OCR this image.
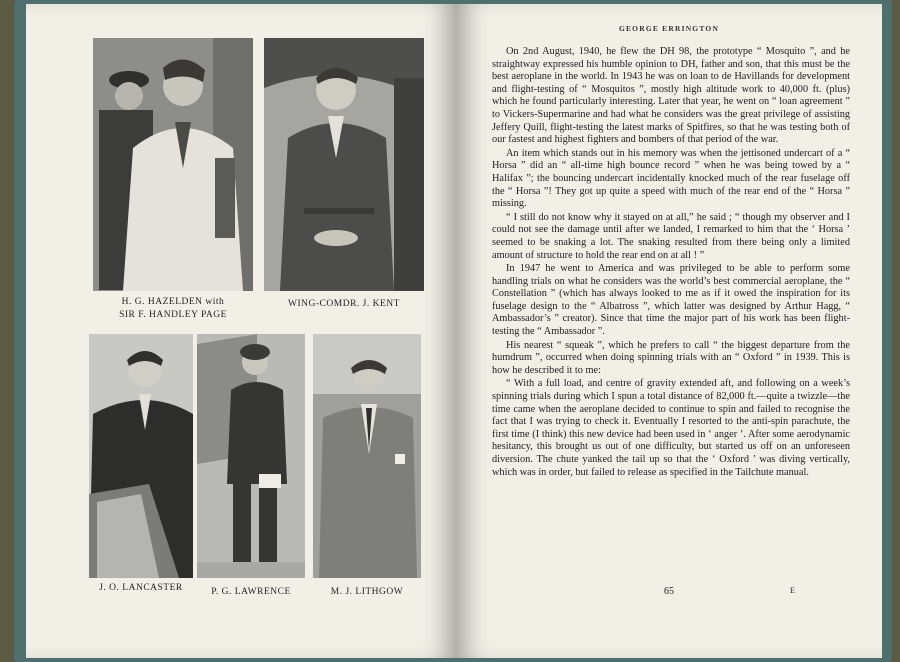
H. G. HAZELDEN with
SIR F. HANDLEY PAGE
WING-COMDR. J. KENT
J. O. LANCASTER	P. G. LAWRENCE	M. J. LITHGOW
GEORGE ERRINGTON

On 2nd August, 1940, he flew the DH 98, the prototype “ Mosquito ”, and he straightway expressed his humble opinion to DH, father and son, that this must be the best aeroplane in the world. In 1943 he was on loan to de Havillands for development and flight-testing of “ Mosquitos ”, mostly high altitude work to 40,000 ft. (plus) which he found particularly interesting. Later that year, he went on “ loan agreement ” to Vickers-Supermarine and had what he considers was the great privilege of assisting Jeffery Quill, flight-testing the latest marks of Spitfires, so that he was testing both of our fastest and highest fighters and bombers of that period of the war.

An item which stands out in his memory was when the jettisoned undercart of a “ Horsa ” did an “ all-time high bounce record ” when he was being towed by a “ Halifax ”; the bouncing undercart incidentally knocked much of the rear fuselage off the “ Horsa ”! They got up quite a speed with much of the rear end of the “ Horsa ” missing.

“ I still do not know why it stayed on at all,” he said ; “ though my observer and I could not see the damage until after we landed, I remarked to him that the ‘ Horsa ’ seemed to be snaking a lot. The snaking resulted from there being only a limited amount of structure to hold the rear end on at all ! ”

In 1947 he went to America and was privileged to be able to perform some handling trials on what he considers was the world’s best commercial aeroplane, the “ Constellation ” (which has always looked to me as if it owed the inspiration for its fuselage design to the “ Albatross ”, which latter was designed by Arthur Hagg, “ Ambassador’s ” creator). Since that time the major part of his work has been flight-testing the “ Ambassador ”.

His nearest “ squeak ”, which he prefers to call “ the biggest departure from the humdrum ”, occurred when doing spinning trials with an “ Oxford ” in 1939. This is how he described it to me:

“ With a full load, and centre of gravity extended aft, and following on a week’s spinning trials during which I spun a total distance of 82,000 ft.—quite a twizzle—the time came when the aeroplane decided to continue to spin and failed to recognise the fact that I was trying to check it. Eventually I resorted to the anti-spin parachute, the first time (I think) this new device had been used in ‘ anger ’. After some aerodynamic hesitancy, this brought us out of one difficulty, but started us off on an unforeseen diversion. The chute yanked the tail up so that the ‘ Oxford ’ was diving vertically, which was in order, but failed to release as specified in the Tailchute manual.

65	E
